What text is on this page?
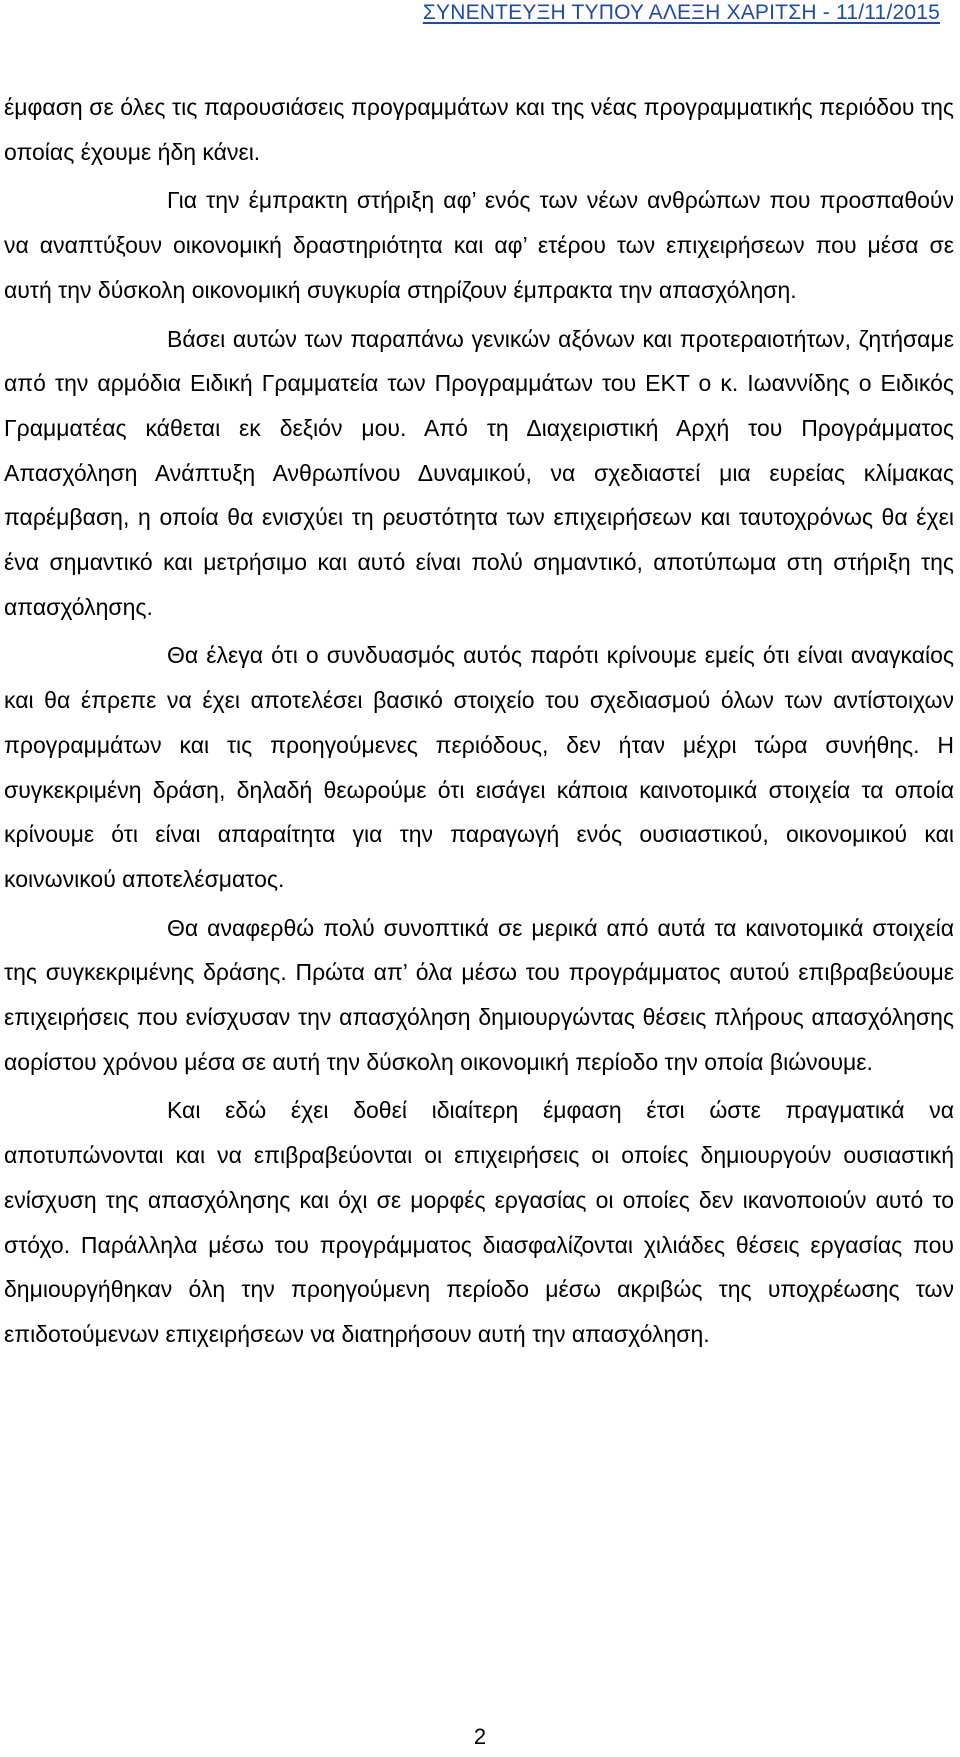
ΣΥΝΕΝΤΕΥΞΗ ΤΥΠΟΥ ΑΛΕΞΗ ΧΑΡΙΤΣΗ - 11/11/2015

έμφαση σε όλες τις παρουσιάσεις προγραμμάτων και της νέας προγραμματικής περιόδου της οποίας έχουμε ήδη κάνει.

Για την έμπρακτη στήριξη αφ’ ενός των νέων ανθρώπων που προσπαθούν να αναπτύξουν οικονομική δραστηριότητα και αφ’ ετέρου των επιχειρήσεων που μέσα σε αυτή την δύσκολη οικονομική συγκυρία στηρίζουν έμπρακτα την απασχόληση.

Βάσει αυτών των παραπάνω γενικών αξόνων και προτεραιοτήτων, ζητήσαμε από την αρμόδια Ειδική Γραμματεία των Προγραμμάτων του ΕΚΤ ο κ. Ιωαννίδης ο Ειδικός Γραμματέας κάθεται εκ δεξιόν μου. Από τη Διαχειριστική Αρχή του Προγράμματος Απασχόληση Ανάπτυξη Ανθρωπίνου Δυναμικού, να σχεδιαστεί μια ευρείας κλίμακας παρέμβαση, η οποία θα ενισχύει τη ρευστότητα των επιχειρήσεων και ταυτοχρόνως θα έχει ένα σημαντικό και μετρήσιμο και αυτό είναι πολύ σημαντικό, αποτύπωμα στη στήριξη της απασχόλησης.

Θα έλεγα ότι ο συνδυασμός αυτός παρότι κρίνουμε εμείς ότι είναι αναγκαίος και θα έπρεπε να έχει αποτελέσει βασικό στοιχείο του σχεδιασμού όλων των αντίστοιχων προγραμμάτων και τις προηγούμενες περιόδους, δεν ήταν μέχρι τώρα συνήθης. Η συγκεκριμένη δράση, δηλαδή θεωρούμε ότι εισάγει κάποια καινοτομικά στοιχεία τα οποία κρίνουμε ότι είναι απαραίτητα για την παραγωγή ενός ουσιαστικού, οικονομικού και κοινωνικού αποτελέσματος.

Θα αναφερθώ πολύ συνοπτικά σε μερικά από αυτά τα καινοτομικά στοιχεία της συγκεκριμένης δράσης. Πρώτα απ’ όλα μέσω του προγράμματος αυτού επιβραβεύουμε επιχειρήσεις που ενίσχυσαν την απασχόληση δημιουργώντας θέσεις πλήρους απασχόλησης αορίστου χρόνου μέσα σε αυτή την δύσκολη οικονομική περίοδο την οποία βιώνουμε.

Και εδώ έχει δοθεί ιδιαίτερη έμφαση έτσι ώστε πραγματικά να αποτυπώνονται και να επιβραβεύονται οι επιχειρήσεις οι οποίες δημιουργούν ουσιαστική ενίσχυση της απασχόλησης και όχι σε μορφές εργασίας οι οποίες δεν ικανοποιούν αυτό το στόχο. Παράλληλα μέσω του προγράμματος διασφαλίζονται χιλιάδες θέσεις εργασίας που δημιουργήθηκαν όλη την προηγούμενη περίοδο μέσω ακριβώς της υποχρέωσης των επιδοτούμενων επιχειρήσεων να διατηρήσουν αυτή την απασχόληση.

2
